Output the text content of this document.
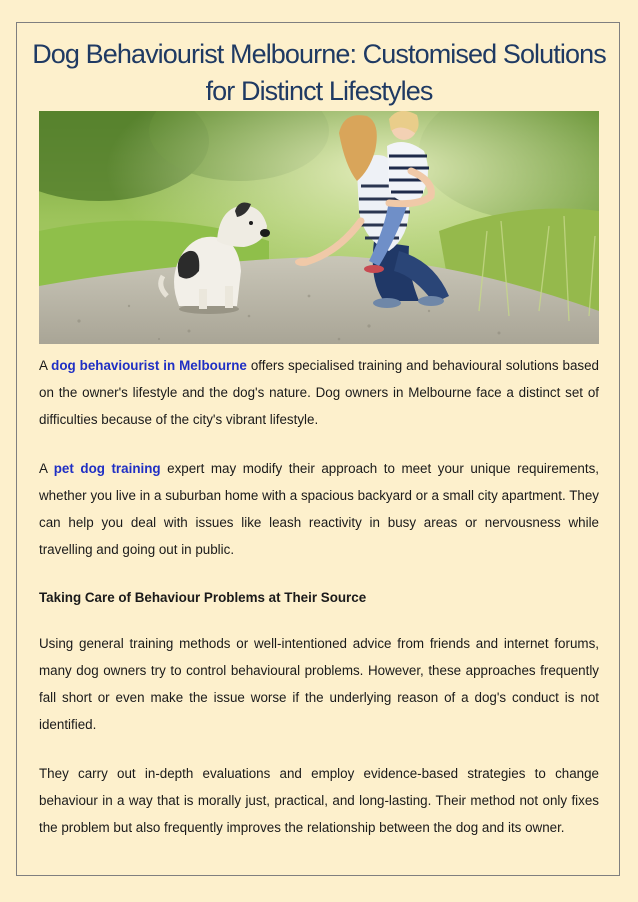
Dog Behaviourist Melbourne: Customised Solutions for Distinct Lifestyles

A dog behaviourist in Melbourne offers specialised training and behavioural solutions based on the owner's lifestyle and the dog's nature. Dog owners in Melbourne face a distinct set of difficulties because of the city's vibrant lifestyle.

A pet dog training expert may modify their approach to meet your unique requirements, whether you live in a suburban home with a spacious backyard or a small city apartment. They can help you deal with issues like leash reactivity in busy areas or nervousness while travelling and going out in public.

Taking Care of Behaviour Problems at Their Source

Using general training methods or well-intentioned advice from friends and internet forums, many dog owners try to control behavioural problems. However, these approaches frequently fall short or even make the issue worse if the underlying reason of a dog's conduct is not identified.

They carry out in-depth evaluations and employ evidence-based strategies to change behaviour in a way that is morally just, practical, and long-lasting. Their method not only fixes the problem but also frequently improves the relationship between the dog and its owner.
